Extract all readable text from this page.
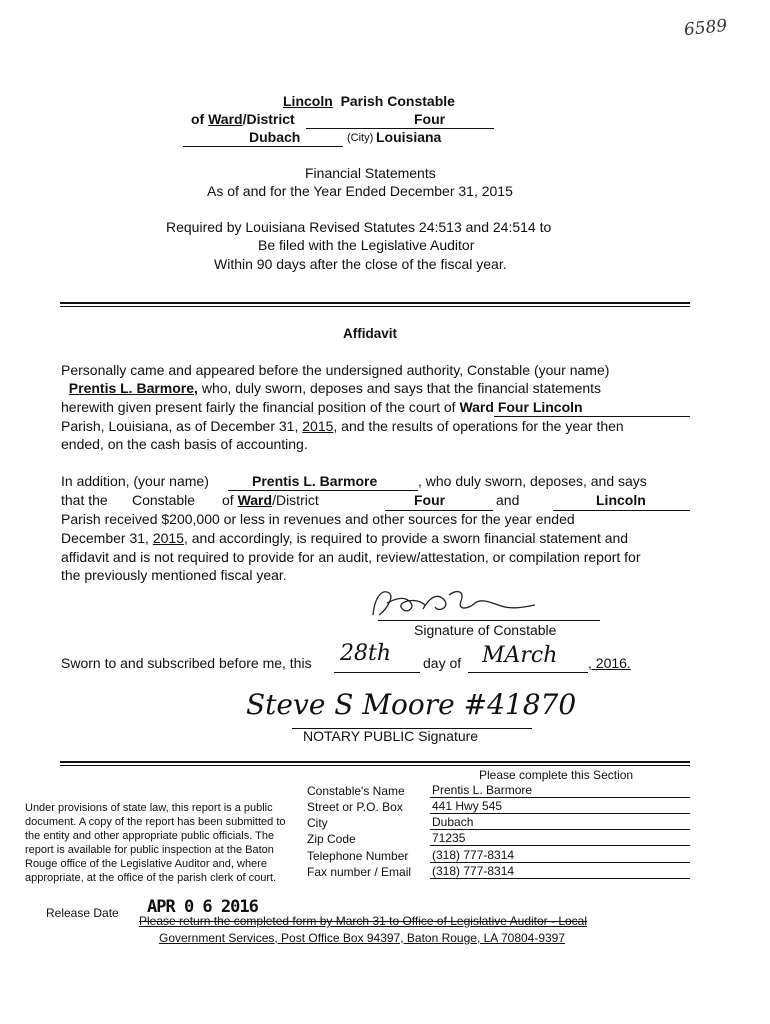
6589
Lincoln Parish Constable
of Ward/District	Four
Dubach	(City) Louisiana
Financial Statements
As of and for the Year Ended December 31, 2015
Required by Louisiana Revised Statutes 24:513 and 24:514 to
Be filed with the Legislative Auditor
Within 90 days after the close of the fiscal year.
Affidavit
Personally came and appeared before the undersigned authority, Constable (your name)
Prentis L. Barmore, who, duly sworn, deposes and says that the financial statements
herewith given present fairly the financial position of the court of Ward Four Lincoln
Parish, Louisiana, as of December 31, 2015, and the results of operations for the year then
ended, on the cash basis of accounting.
In addition, (your name)	Prentis L. Barmore	, who duly sworn, deposes, and says
that the Constable of Ward/District	Four	and	Lincoln
Parish received $200,000 or less in revenues and other sources for the year ended
December 31, 2015, and accordingly, is required to provide a sworn financial statement and
affidavit and is not required to provide for an audit, review/attestation, or compilation report for
the previously mentioned fiscal year.
Signature of Constable
Sworn to and subscribed before me, this 28th day of MArch , 2016.
Steve S Moore #41870
NOTARY PUBLIC Signature
Please complete this Section
Constable's Name Prentis L. Barmore
Street or P.O. Box 441 Hwy 545
City	Dubach
Zip Code	71235
Telephone Number (318) 777-8314
Fax number / Email (318) 777-8314
Under provisions of state law, this report is a public
document. A copy of the report has been submitted to
the entity and other appropriate public officials. The
report is available for public inspection at the Baton
Rouge office of the Legislative Auditor and, where
appropriate, at the office of the parish clerk of court.
Release Date APR 0 6 2016
Please return the completed form by March 31 to Office of Legislative Auditor - Local
Government Services, Post Office Box 94397, Baton Rouge, LA 70804-9397
